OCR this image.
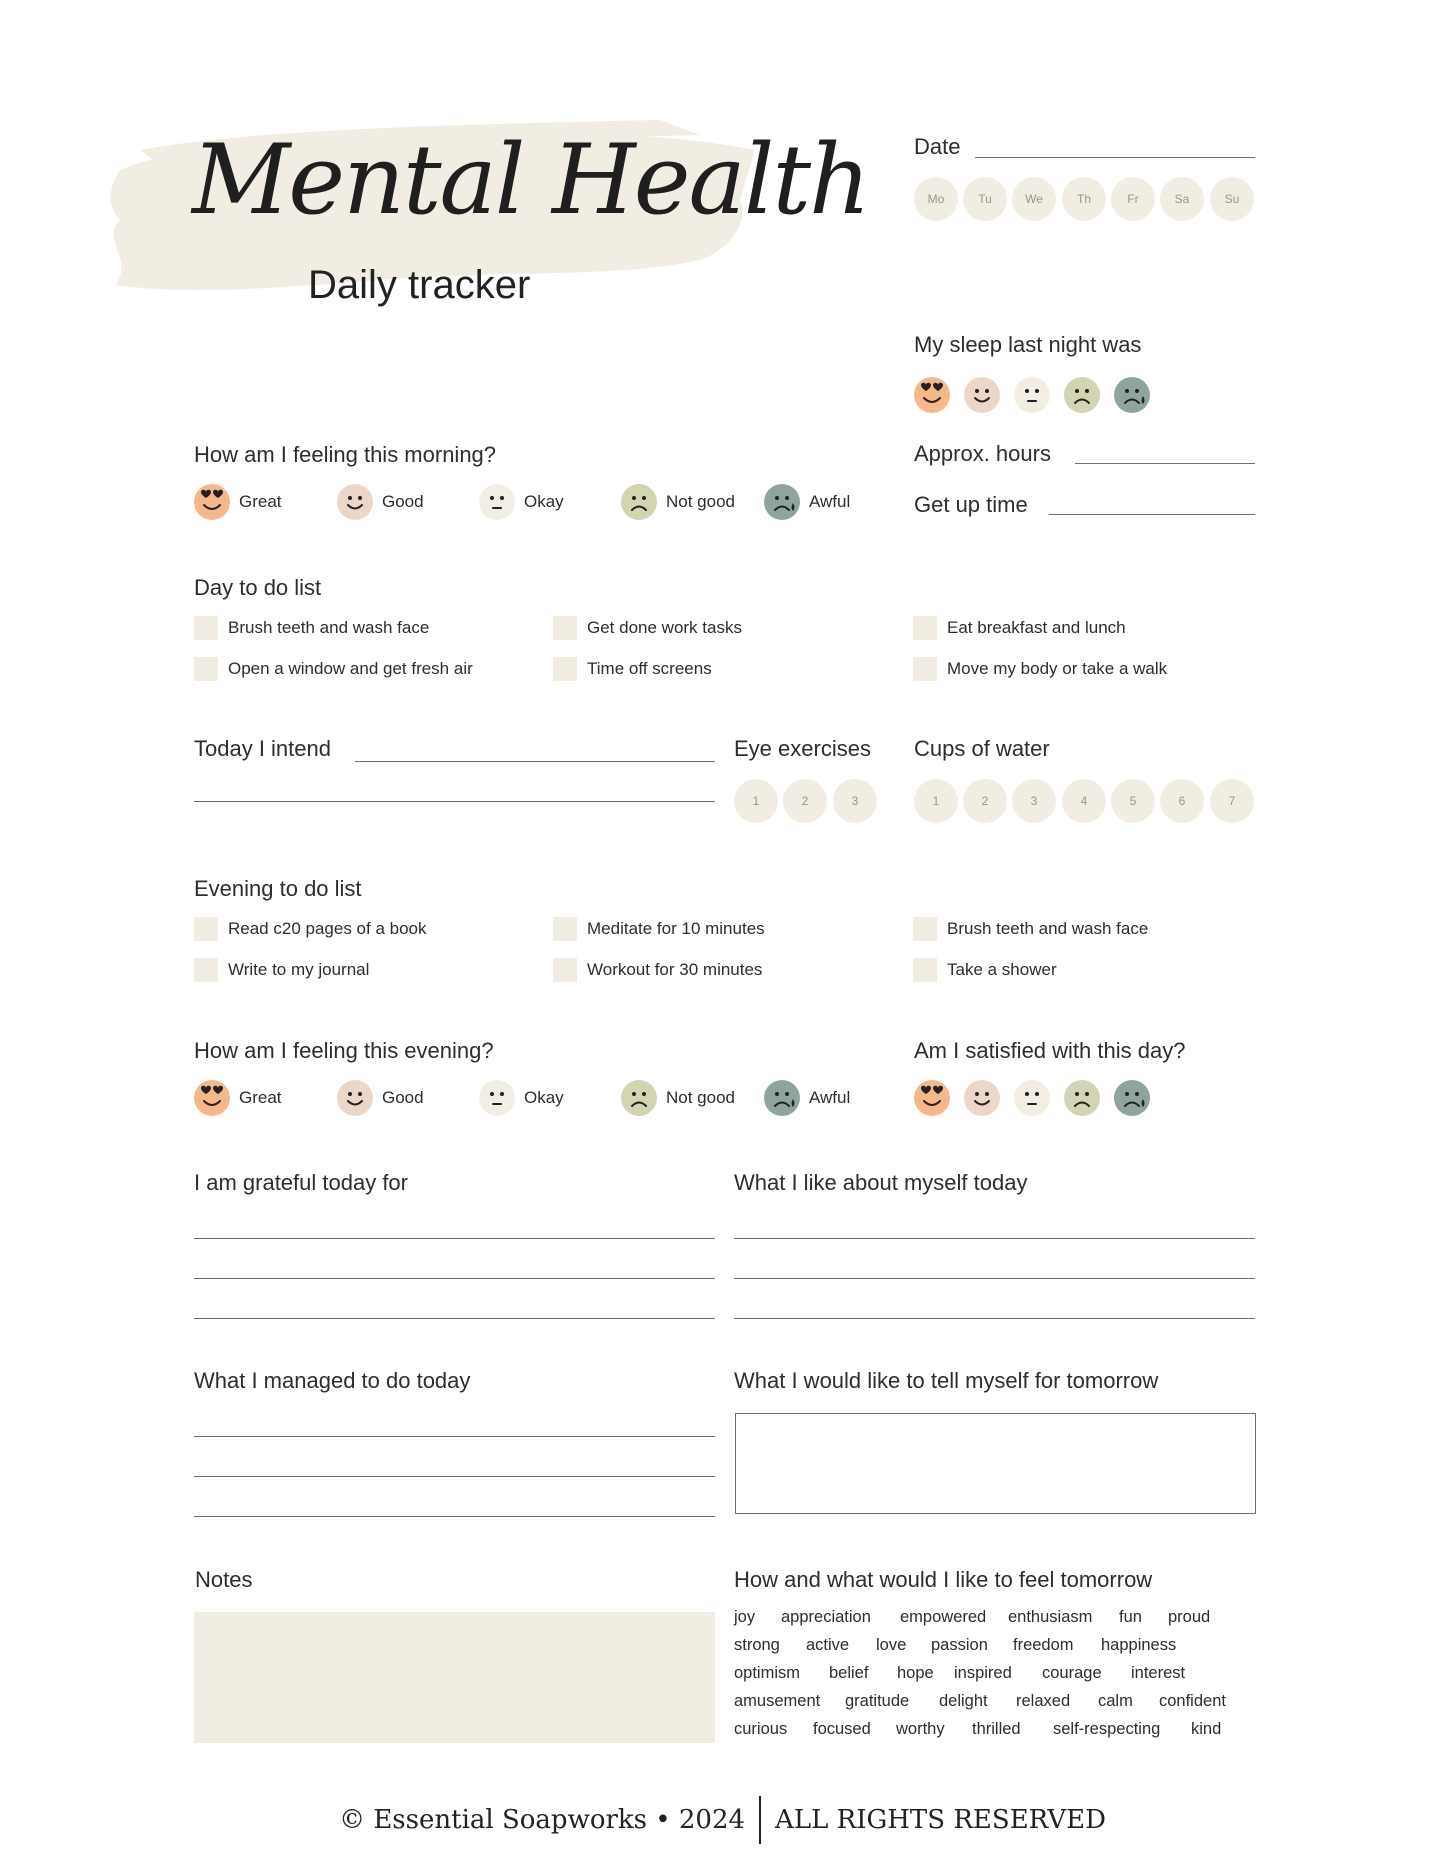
Mental Health
Daily tracker
Date
Mo	Tu	We	Th	Fr	Sa	Su
My sleep last night was
Approx. hours
Get up time
How am I feeling this morning?
Great	Good	Okay	Not good	Awful
Day to do list
Brush teeth and wash face	Get done work tasks	Eat breakfast and lunch
Open a window and get fresh air	Time off screens	Move my body or take a walk
Today I intend	Eye exercises
1	2	3
Cups of water
1	2	3	4	5	6	7
Evening to do list
Read c20 pages of a book	Meditate for 10 minutes	Brush teeth and wash face
Write to my journal	Workout for 30 minutes	Take a shower
How am I feeling this evening?
Great	Good	Okay	Not good	Awful
Am I satisfied with this day?
I am grateful today for	What I like about myself today
What I managed to do today	What I would like to tell myself for tomorrow
Notes	How and what would I like to feel tomorrow
joy appreciation empowered enthusiasm fun proud
strong active love passion freedom happiness
optimism belief hope inspired courage interest
amusement gratitude delight relaxed calm confident
curious focused worthy thrilled self-respecting kind
© Essential Soapworks • 2024 ALL RIGHTS RESERVED
